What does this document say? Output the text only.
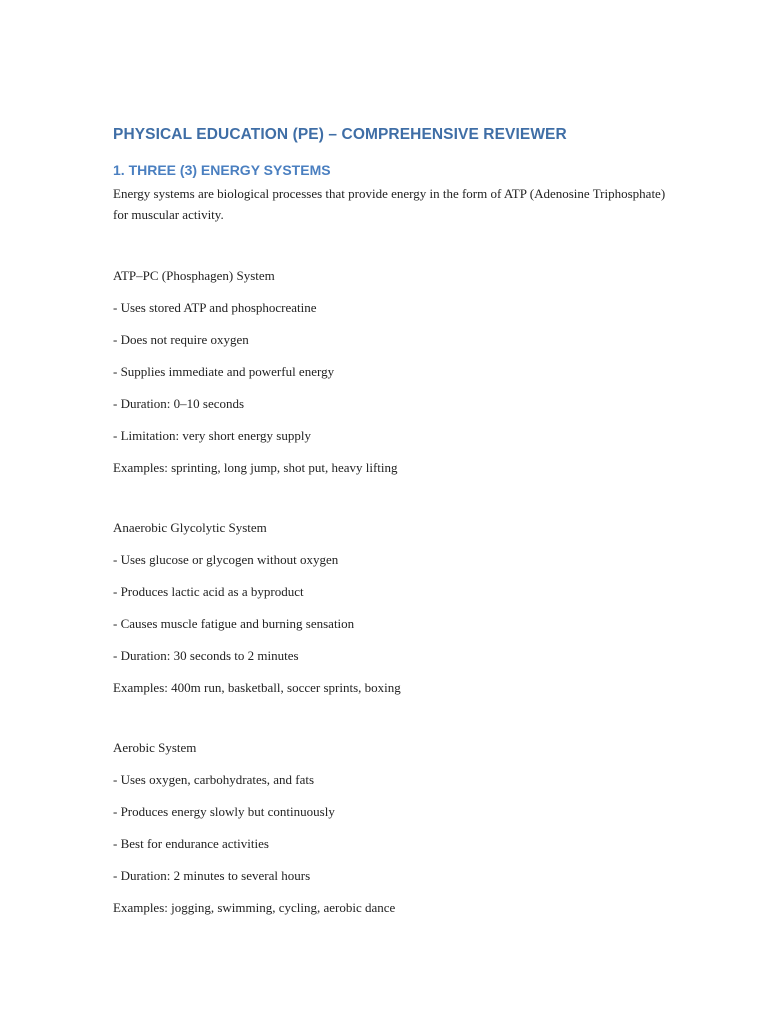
PHYSICAL EDUCATION (PE) – COMPREHENSIVE REVIEWER
1. THREE (3) ENERGY SYSTEMS

Energy systems are biological processes that provide energy in the form of ATP (Adenosine Triphosphate) for muscular activity.

ATP–PC (Phosphagen) System

- Uses stored ATP and phosphocreatine

- Does not require oxygen

- Supplies immediate and powerful energy

- Duration: 0–10 seconds

- Limitation: very short energy supply

Examples: sprinting, long jump, shot put, heavy lifting

Anaerobic Glycolytic System

- Uses glucose or glycogen without oxygen

- Produces lactic acid as a byproduct

- Causes muscle fatigue and burning sensation

- Duration: 30 seconds to 2 minutes

Examples: 400m run, basketball, soccer sprints, boxing

Aerobic System

- Uses oxygen, carbohydrates, and fats

- Produces energy slowly but continuously

- Best for endurance activities

- Duration: 2 minutes to several hours

Examples: jogging, swimming, cycling, aerobic dance
